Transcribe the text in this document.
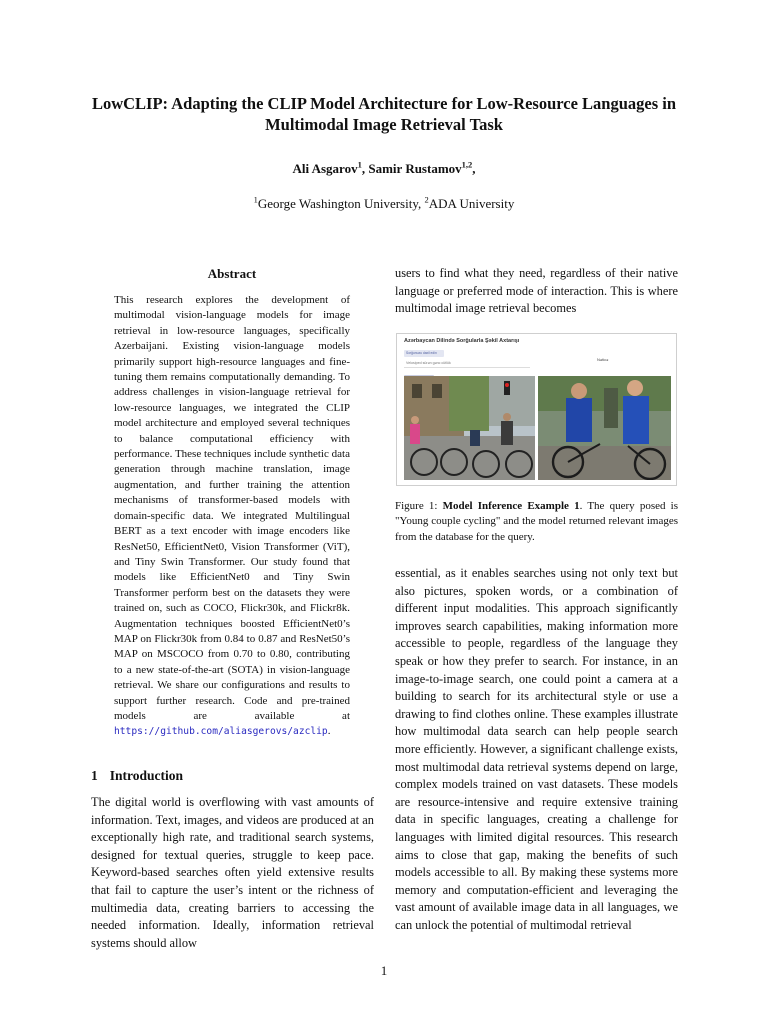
LowCLIP: Adapting the CLIP Model Architecture for Low-Resource Languages in Multimodal Image Retrieval Task
Ali Asgarov$^1$, Samir Rustamov$^{1,2}$,
$^1$George Washington University, $^2$ADA University
Abstract
This research explores the development of multimodal vision-language models for image retrieval in low-resource languages, specifically Azerbaijani. Existing vision-language models primarily support high-resource languages and fine-tuning them remains computationally demanding. To address challenges in vision-language retrieval for low-resource languages, we integrated the CLIP model architecture and employed several techniques to balance computational efficiency with performance. These techniques include synthetic data generation through machine translation, image augmentation, and further training the attention mechanisms of transformer-based models with domain-specific data. We integrated Multilingual BERT as a text encoder with image encoders like ResNet50, EfficientNet0, Vision Transformer (ViT), and Tiny Swin Transformer. Our study found that models like EfficientNet0 and Tiny Swin Transformer perform best on the datasets they were trained on, such as COCO, Flickr30k, and Flickr8k. Augmentation techniques boosted EfficientNet0’s MAP on Flickr30k from 0.84 to 0.87 and ResNet50’s MAP on MSCOCO from 0.70 to 0.80, contributing to a new state-of-the-art (SOTA) in vision-language retrieval. We share our configurations and results to support further research. Code and pre-trained models are available at https://github.com/aliasgerovs/azclip.
1 Introduction
The digital world is overflowing with vast amounts of information. Text, images, and videos are produced at an exceptionally high rate, and traditional search systems, designed for textual queries, struggle to keep pace. Keyword-based searches often yield extensive results that fail to capture the user’s intent or the richness of multimedia data, creating barriers to accessing the needed information. Ideally, information retrieval systems should allow
users to find what they need, regardless of their native language or preferred mode of interaction. This is where multimodal image retrieval becomes
Azərbaycan Dilində Sorğularla Şəkil Axtarışı
Sorğunuzu daxil edin
Velosiped sürən gənc cütlük
Nəticə
Figure 1: Model Inference Example 1. The query posed is "Young couple cycling" and the model returned relevant images from the database for the query.
essential, as it enables searches using not only text but also pictures, spoken words, or a combination of different input modalities. This approach significantly improves search capabilities, making information more accessible to people, regardless of the language they speak or how they prefer to search. For instance, in an image-to-image search, one could point a camera at a building to search for its architectural style or use a drawing to find clothes online. These examples illustrate how multimodal data search can help people search more efficiently. However, a significant challenge exists, most multimodal data retrieval systems depend on large, complex models trained on vast datasets. These models are resource-intensive and require extensive training data in specific languages, creating a challenge for languages with limited digital resources. This research aims to close that gap, making the benefits of such models accessible to all. By making these systems more memory and computation-efficient and leveraging the vast amount of available image data in all languages, we can unlock the potential of multimodal retrieval
1
